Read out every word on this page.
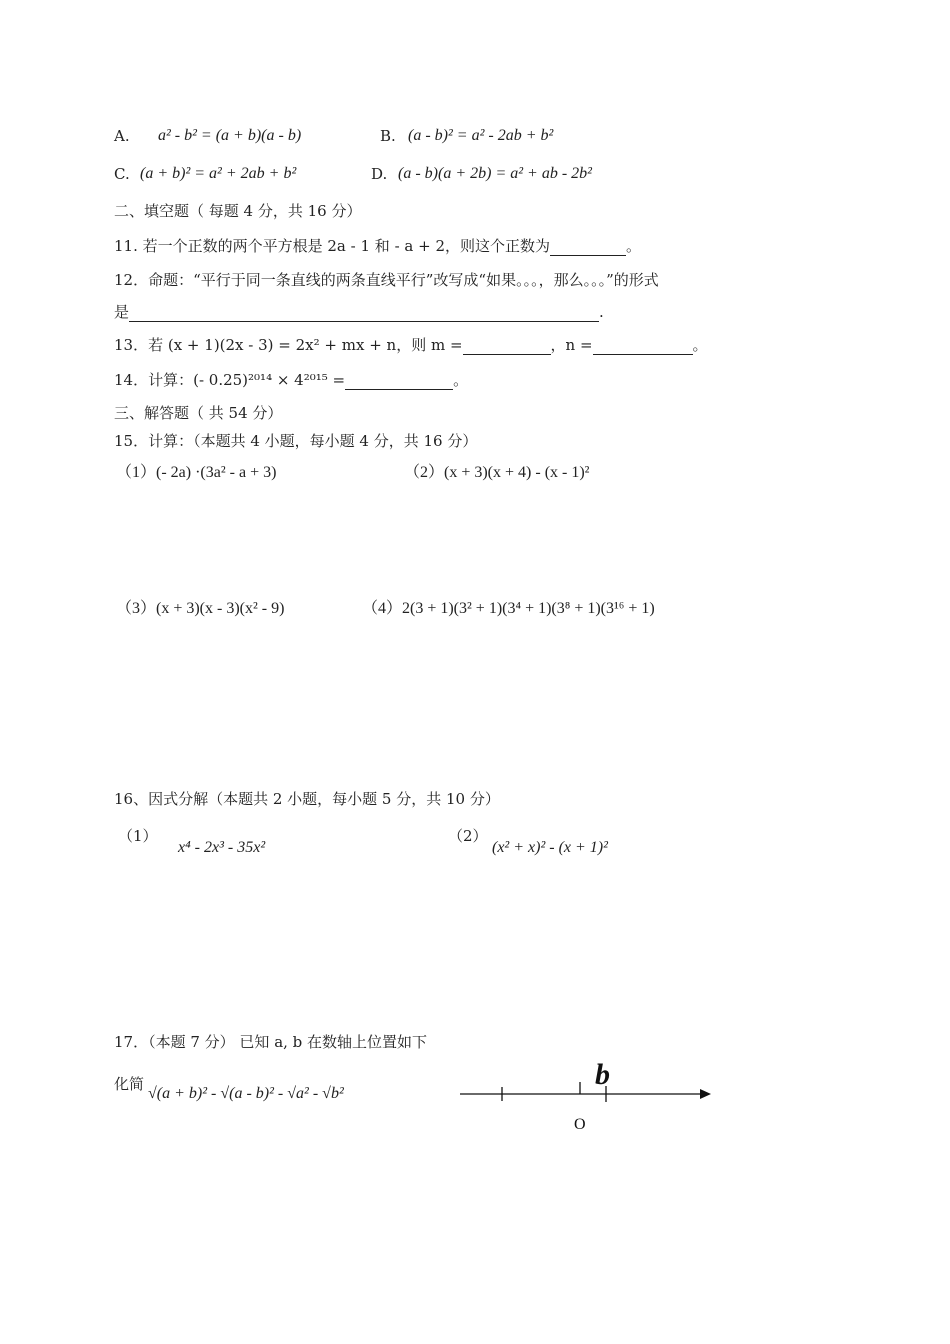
A. a² - b² = (a + b)(a - b)	B. (a - b)² = a² - 2ab + b²
C. (a + b)² = a² + 2ab + b²	D. (a - b)(a + 2b) = a² + ab - 2b²
二、填空题（ 每题 4 分，共 16 分）
11. 若一个正数的两个平方根是 2a - 1 和 - a + 2，则这个正数为	。
12．命题：“平行于同一条直线的两条直线平行”改写成“如果。。。，那么。。。”的形式
是	.
13．若 (x + 1)(2x - 3) = 2x² + mx + n，则 m =	，n =	。
14．计算：(- 0.25)²⁰¹⁴ × 4²⁰¹⁵ =	。
三、解答题（ 共 54 分）
15．计算：（本题共 4 小题，每小题 4 分，共 16 分）
（1）(- 2a) ·(3a² - a + 3)	（2）(x + 3)(x + 4) - (x - 1)²
（3）(x + 3)(x - 3)(x² - 9)	（4）2(3 + 1)(3² + 1)(3⁴ + 1)(3⁸ + 1)(3¹⁶ + 1)
16、因式分解（本题共 2 小题，每小题 5 分，共 10 分）
（1）
x⁴ - 2x³ - 35x²
（2）
(x² + x)² - (x + 1)²
17．（本题 7 分） 已知 a, b 在数轴上位置如下
化简
√(a + b)² - √(a - b)² - √a² - √b²
b
O
